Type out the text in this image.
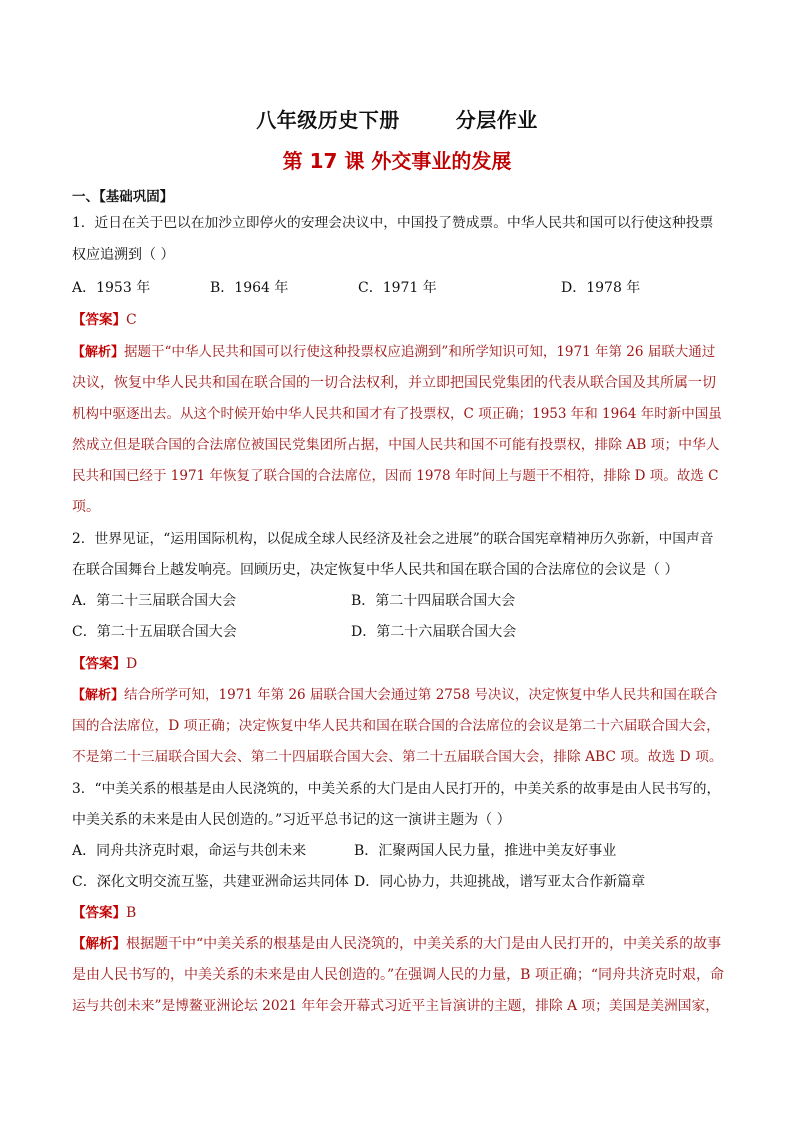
八年级历史下册	分层作业
第 17 课 外交事业的发展
一、【基础巩固】
1．近日在关于巴以在加沙立即停火的安理会决议中，中国投了赞成票。中华人民共和国可以行使这种投票
权应追溯到（ ）
A．1953 年	B．1964 年	C．1971 年	D．1978 年
【答案】C
【解析】据题干“中华人民共和国可以行使这种投票权应追溯到”和所学知识可知，1971 年第 26 届联大通过
决议，恢复中华人民共和国在联合国的一切合法权利，并立即把国民党集团的代表从联合国及其所属一切
机构中驱逐出去。从这个时候开始中华人民共和国才有了投票权，C 项正确；1953 年和 1964 年时新中国虽
然成立但是联合国的合法席位被国民党集团所占据，中国人民共和国不可能有投票权，排除 AB 项；中华人
民共和国已经于 1971 年恢复了联合国的合法席位，因而 1978 年时间上与题干不相符，排除 D 项。故选 C
项。
2．世界见证，“运用国际机构，以促成全球人民经济及社会之进展”的联合国宪章精神历久弥新，中国声音
在联合国舞台上越发响亮。回顾历史，决定恢复中华人民共和国在联合国的合法席位的会议是（ ）
A．第二十三届联合国大会	B．第二十四届联合国大会
C．第二十五届联合国大会	D．第二十六届联合国大会
【答案】D
【解析】结合所学可知，1971 年第 26 届联合国大会通过第 2758 号决议，决定恢复中华人民共和国在联合
国的合法席位，D 项正确；决定恢复中华人民共和国在联合国的合法席位的会议是第二十六届联合国大会，
不是第二十三届联合国大会、第二十四届联合国大会、第二十五届联合国大会，排除 ABC 项。故选 D 项。
3．“中美关系的根基是由人民浇筑的，中美关系的大门是由人民打开的，中美关系的故事是由人民书写的，
中美关系的未来是由人民创造的。”习近平总书记的这一演讲主题为（ ）
A．同舟共济克时艰，命运与共创未来	B．汇聚两国人民力量，推进中美友好事业
C．深化文明交流互鉴，共建亚洲命运共同体 D．同心协力，共迎挑战，谱写亚太合作新篇章
【答案】B
【解析】根据题干中“中美关系的根基是由人民浇筑的，中美关系的大门是由人民打开的，中美关系的故事
是由人民书写的，中美关系的未来是由人民创造的。”在强调人民的力量，B 项正确；“同舟共济克时艰，命
运与共创未来”是博鳌亚洲论坛 2021 年年会开幕式习近平主旨演讲的主题，排除 A 项；美国是美洲国家，
